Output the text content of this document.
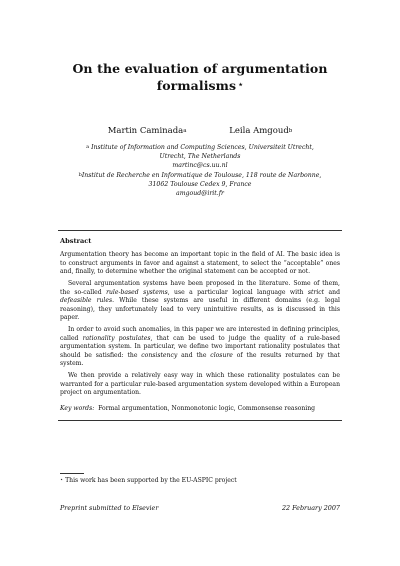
On the evaluation of argumentation formalisms ⋆
Martin Caminada$^a$	Leila Amgoud$^b$
$^a$ Institute of Information and Computing Sciences, Universiteit Utrecht,
Utrecht, The Netherlands
martinc@cs.uu.nl
$^b$Institut de Recherche en Informatique de Toulouse, 118 route de Narbonne,
31062 Toulouse Cedex 9, France
amgoud@irit.fr
Abstract

Argumentation theory has become an important topic in the field of AI. The basic idea is to construct arguments in favor and against a statement, to select the “acceptable” ones and, finally, to determine whether the original statement can be accepted or not.

Several argumentation systems have been proposed in the literature. Some of them, the so-called rule-based systems, use a particular logical language with strict and defeasible rules. While these systems are useful in different domains (e.g. legal reasoning), they unfortunately lead to very unintuitive results, as is discussed in this paper.

In order to avoid such anomalies, in this paper we are interested in defining principles, called rationality postulates, that can be used to judge the quality of a rule-based argumentation system. In particular, we define two important rationality postulates that should be satisfied: the consistency and the closure of the results returned by that system.

We then provide a relatively easy way in which these rationality postulates can be warranted for a particular rule-based argumentation system developed within a European project on argumentation.

Key words: Formal argumentation, Nonmonotonic logic, Commonsense reasoning
⋆ This work has been supported by the EU-ASPIC project
Preprint submitted to Elsevier	22 February 2007
